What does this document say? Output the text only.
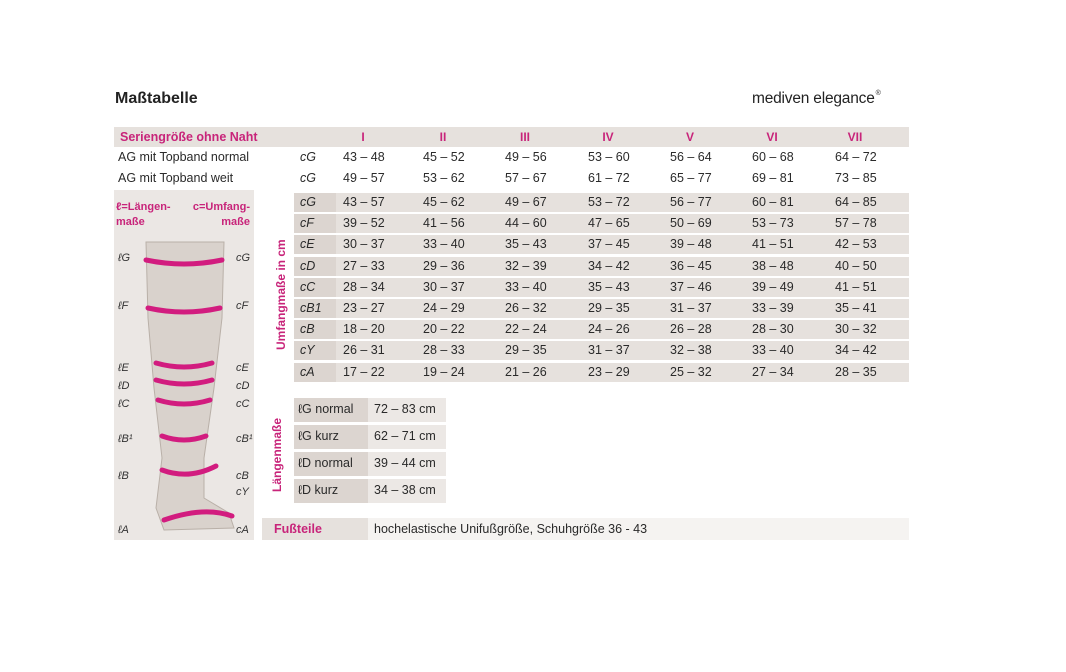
Maßtabelle	mediven elegance®
Seriengröße ohne Naht	I	II	III	IV	V	VI	VII
AG mit Topband normal	cG 43 – 48	45 – 52	49 – 56	53 – 60	56 – 64	60 – 68	64 – 72
AG mit Topband weit	cG 49 – 57	53 – 62	57 – 67	61 – 72	65 – 77	69 – 81	73 – 85
cG 43 – 57	45 – 62	49 – 67	53 – 72	56 – 77	60 – 81	64 – 85
cF 39 – 52	41 – 56	44 – 60	47 – 65	50 – 69	53 – 73	57 – 78
cE 30 – 37	33 – 40	35 – 43	37 – 45	39 – 48	41 – 51	42 – 53
cD 27 – 33	29 – 36	32 – 39	34 – 42	36 – 45	38 – 48	40 – 50
cC 28 – 34	30 – 37	33 – 40	35 – 43	37 – 46	39 – 49	41 – 51
cB1 23 – 27	24 – 29	26 – 32	29 – 35	31 – 37	33 – 39	35 – 41
cB 18 – 20	20 – 22	22 – 24	24 – 26	26 – 28	28 – 30	30 – 32
cY 26 – 31	28 – 33	29 – 35	31 – 37	32 – 38	33 – 40	34 – 42
cA 17 – 22	19 – 24	21 – 26	23 – 29	25 – 32	27 – 34	28 – 35
Umfangmaße in cm
ℓ=Längen-
maße
c=Umfang-
maße
ℓG
ℓF
ℓE
ℓD
ℓC
ℓB¹
ℓB
ℓA
cG
cF
cE
cD
cC
cB¹
cB
cY
cA
Längenmaße
ℓG normal 72 – 83 cm
ℓG kurz	62 – 71 cm
ℓD normal 39 – 44 cm
ℓD kurz	34 – 38 cm
Fußteile	hochelastische Unifußgröße, Schuhgröße 36 - 43
